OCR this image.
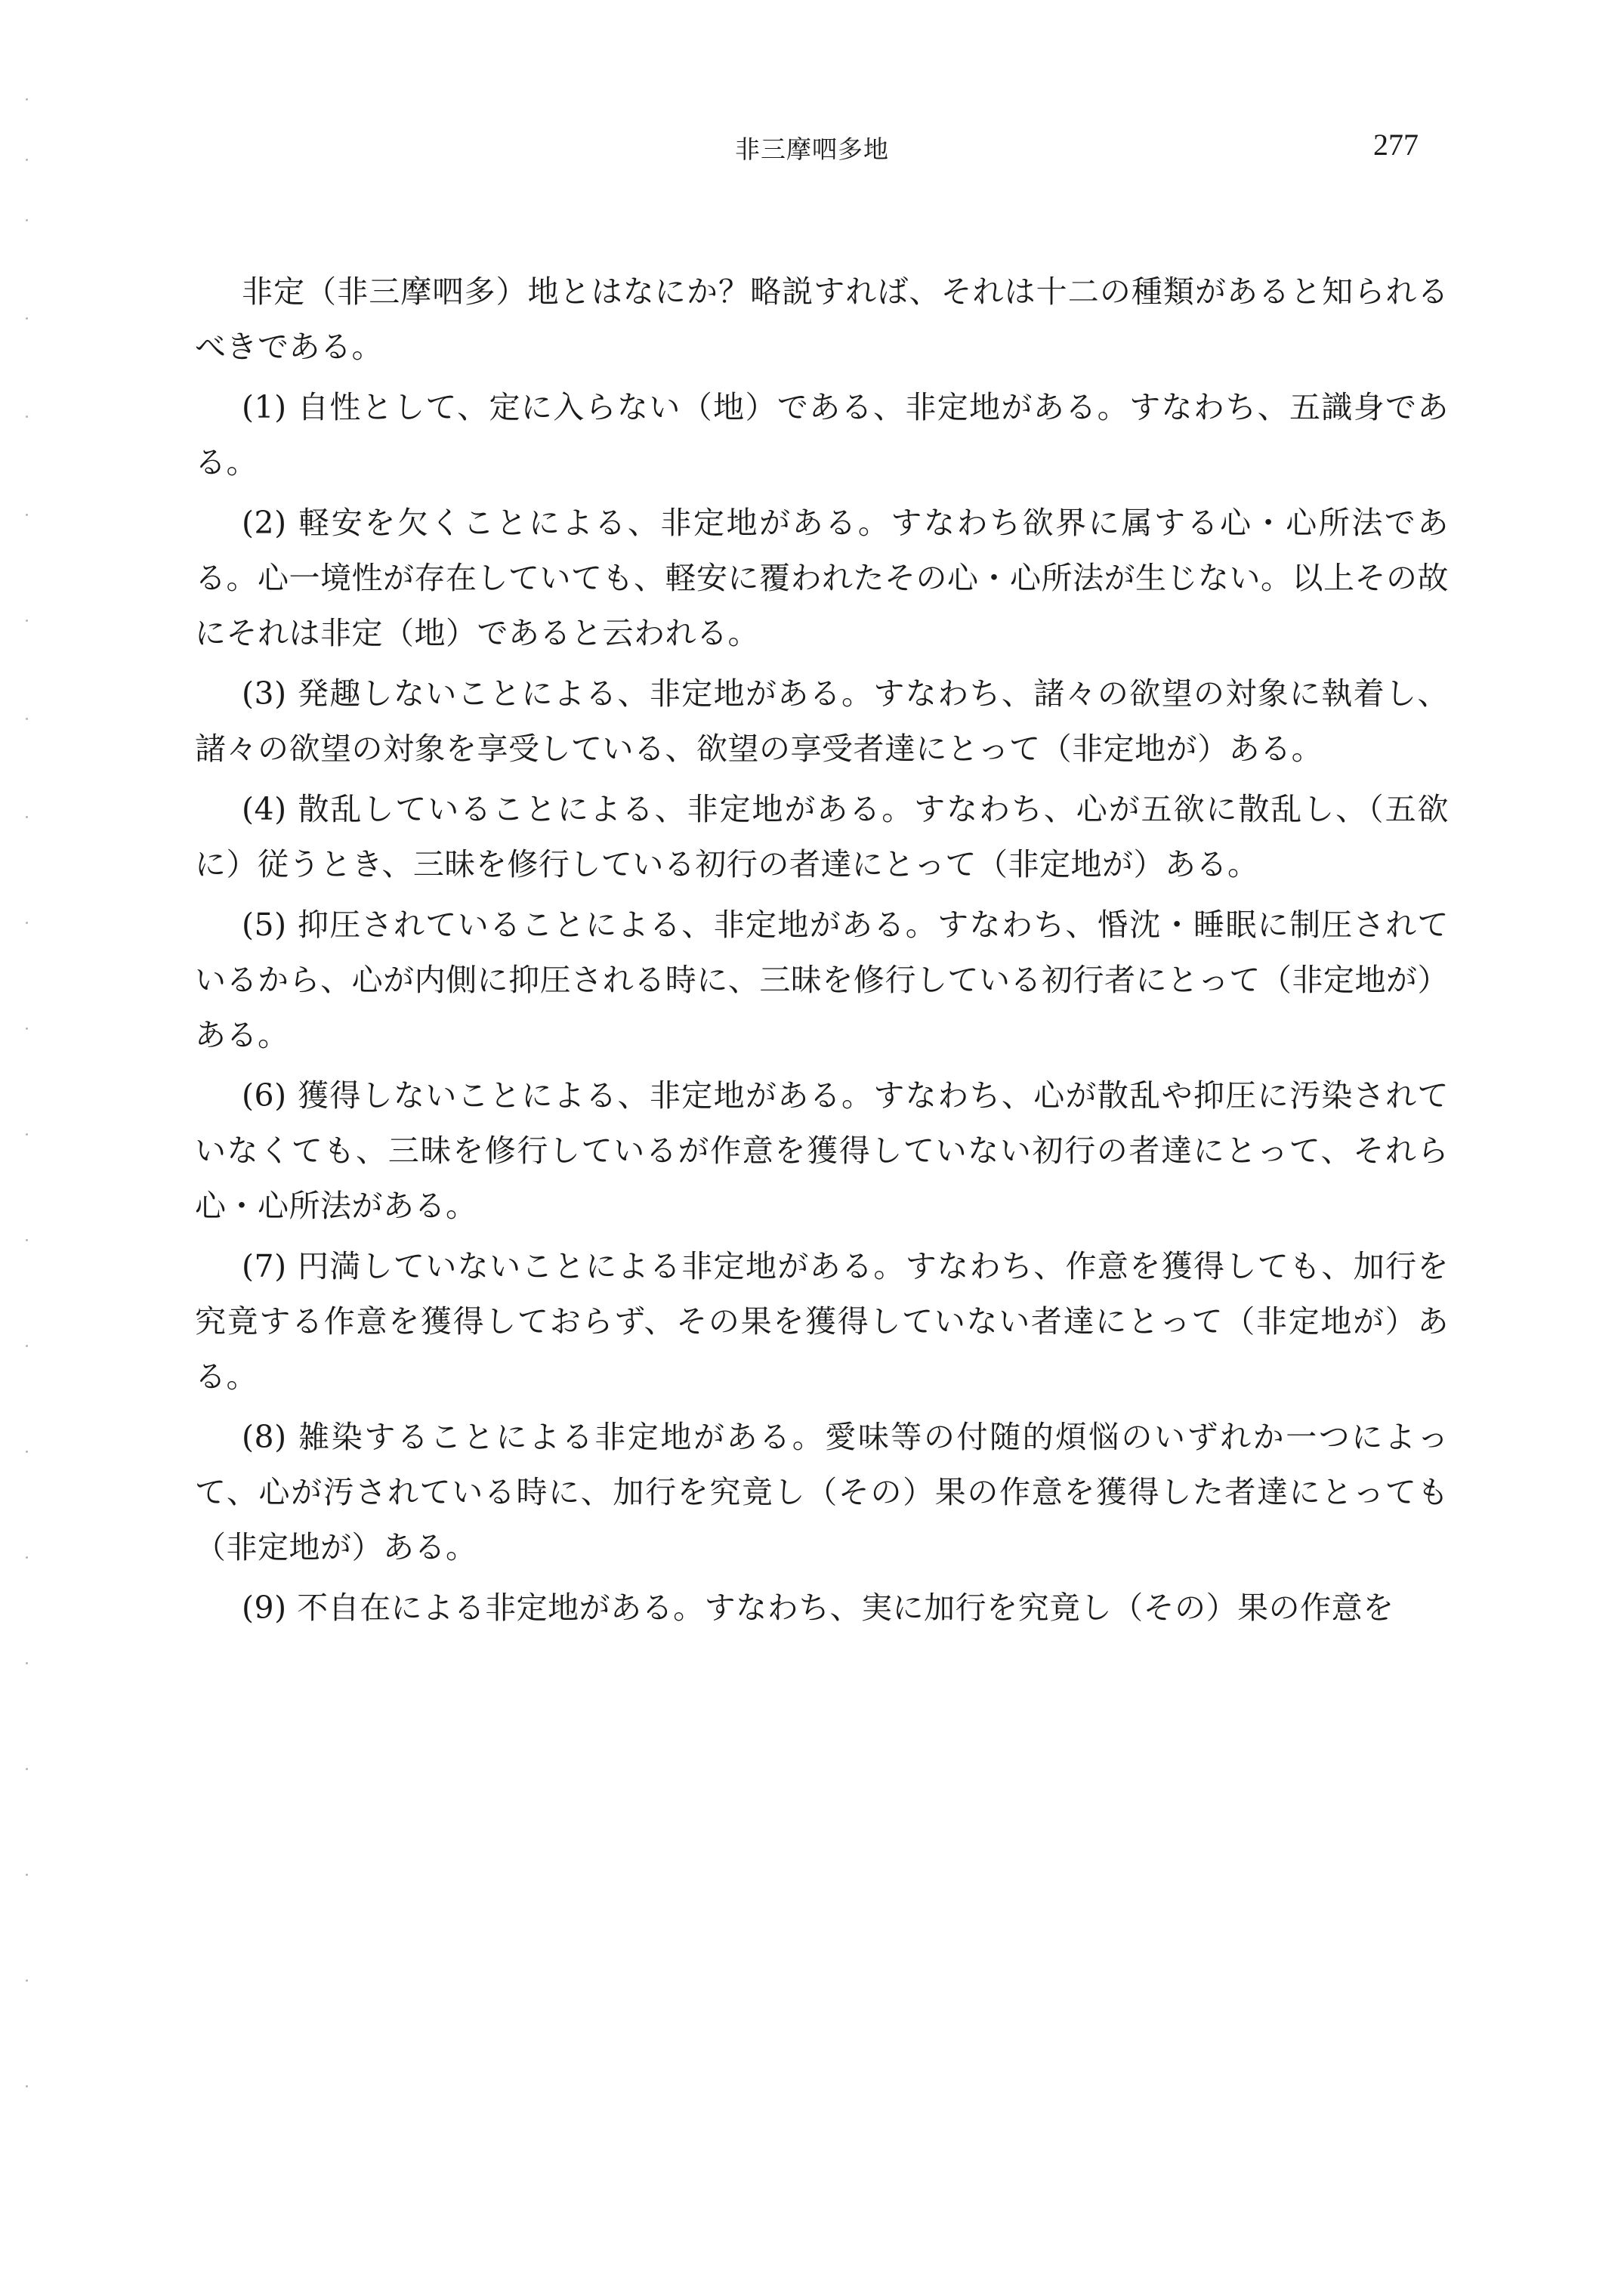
非三摩呬多地	277

非定（非三摩呬多）地とはなにか？略説すれば、それは十二の種類があると知られるべきである。

(1) 自性として、定に入らない（地）である、非定地がある。すなわち、五識身である。

(2) 軽安を欠くことによる、非定地がある。すなわち欲界に属する心・心所法である。心一境性が存在していても、軽安に覆われたその心・心所法が生じない。以上その故にそれは非定（地）であると云われる。

(3) 発趣しないことによる、非定地がある。すなわち、諸々の欲望の対象に執着し、諸々の欲望の対象を享受している、欲望の享受者達にとって（非定地が）ある。

(4) 散乱していることによる、非定地がある。すなわち、心が五欲に散乱し、（五欲に）従うとき、三昧を修行している初行の者達にとって（非定地が）ある。

(5) 抑圧されていることによる、非定地がある。すなわち、惛沈・睡眠に制圧されているから、心が内側に抑圧される時に、三昧を修行している初行者にとって（非定地が）ある。

(6) 獲得しないことによる、非定地がある。すなわち、心が散乱や抑圧に汚染されていなくても、三昧を修行しているが作意を獲得していない初行の者達にとって、それら心・心所法がある。

(7) 円満していないことによる非定地がある。すなわち、作意を獲得しても、加行を究竟する作意を獲得しておらず、その果を獲得していない者達にとって（非定地が）ある。

(8) 雑染することによる非定地がある。愛味等の付随的煩悩のいずれか一つによって、心が汚されている時に、加行を究竟し（その）果の作意を獲得した者達にとっても（非定地が）ある。

(9) 不自在による非定地がある。すなわち、実に加行を究竟し（その）果の作意を
